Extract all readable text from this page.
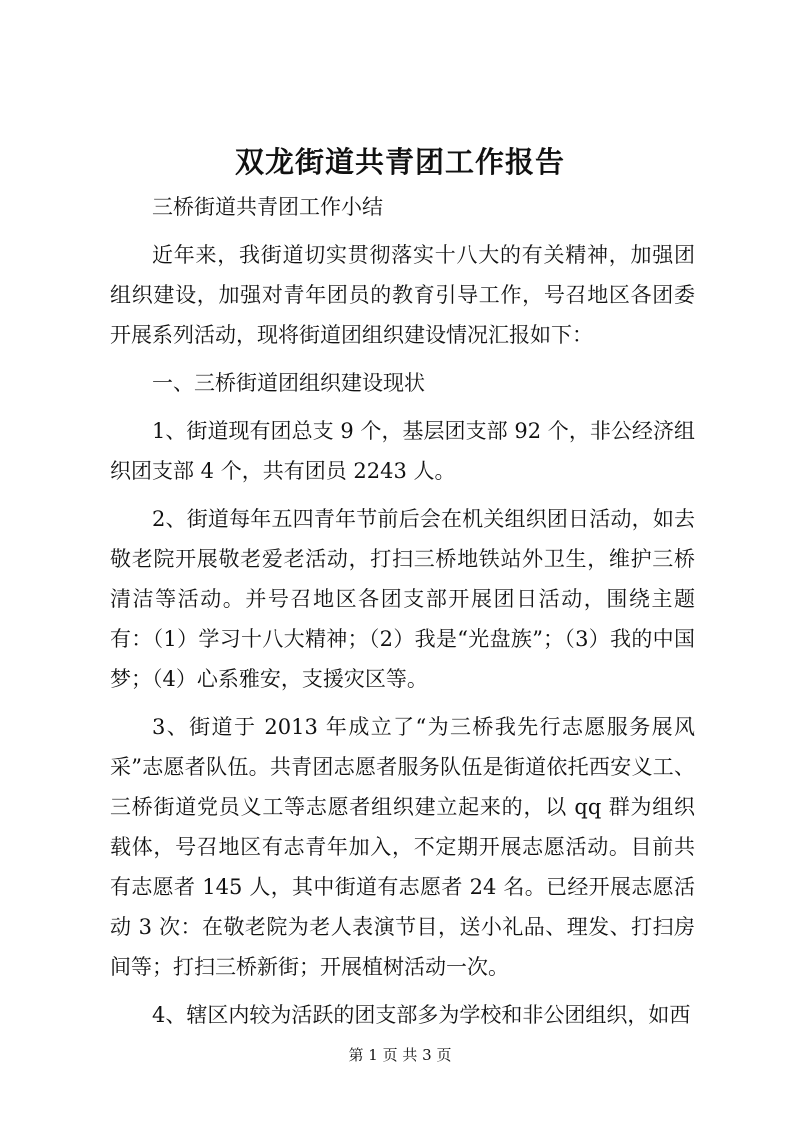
双龙街道共青团工作报告

三桥街道共青团工作小结

近年来，我街道切实贯彻落实十八大的有关精神，加强团组织建设，加强对青年团员的教育引导工作，号召地区各团委开展系列活动，现将街道团组织建设情况汇报如下：

一、三桥街道团组织建设现状

1、街道现有团总支 9 个，基层团支部 92 个，非公经济组织团支部 4 个，共有团员 2243 人。

2、街道每年五四青年节前后会在机关组织团日活动，如去敬老院开展敬老爱老活动，打扫三桥地铁站外卫生，维护三桥清洁等活动。并号召地区各团支部开展团日活动，围绕主题有：（1）学习十八大精神；（2）我是“光盘族”；（3）我的中国梦；（4）心系雅安，支援灾区等。

3、街道于 2013 年成立了“为三桥我先行志愿服务展风采”志愿者队伍。共青团志愿者服务队伍是街道依托西安义工、三桥街道党员义工等志愿者组织建立起来的，以 qq 群为组织载体，号召地区有志青年加入，不定期开展志愿活动。目前共有志愿者 145 人，其中街道有志愿者 24 名。已经开展志愿活动 3 次：在敬老院为老人表演节目，送小礼品、理发、打扫房间等；打扫三桥新街；开展植树活动一次。

4、辖区内较为活跃的团支部多为学校和非公团组织，如西

第 1 页 共 3 页
